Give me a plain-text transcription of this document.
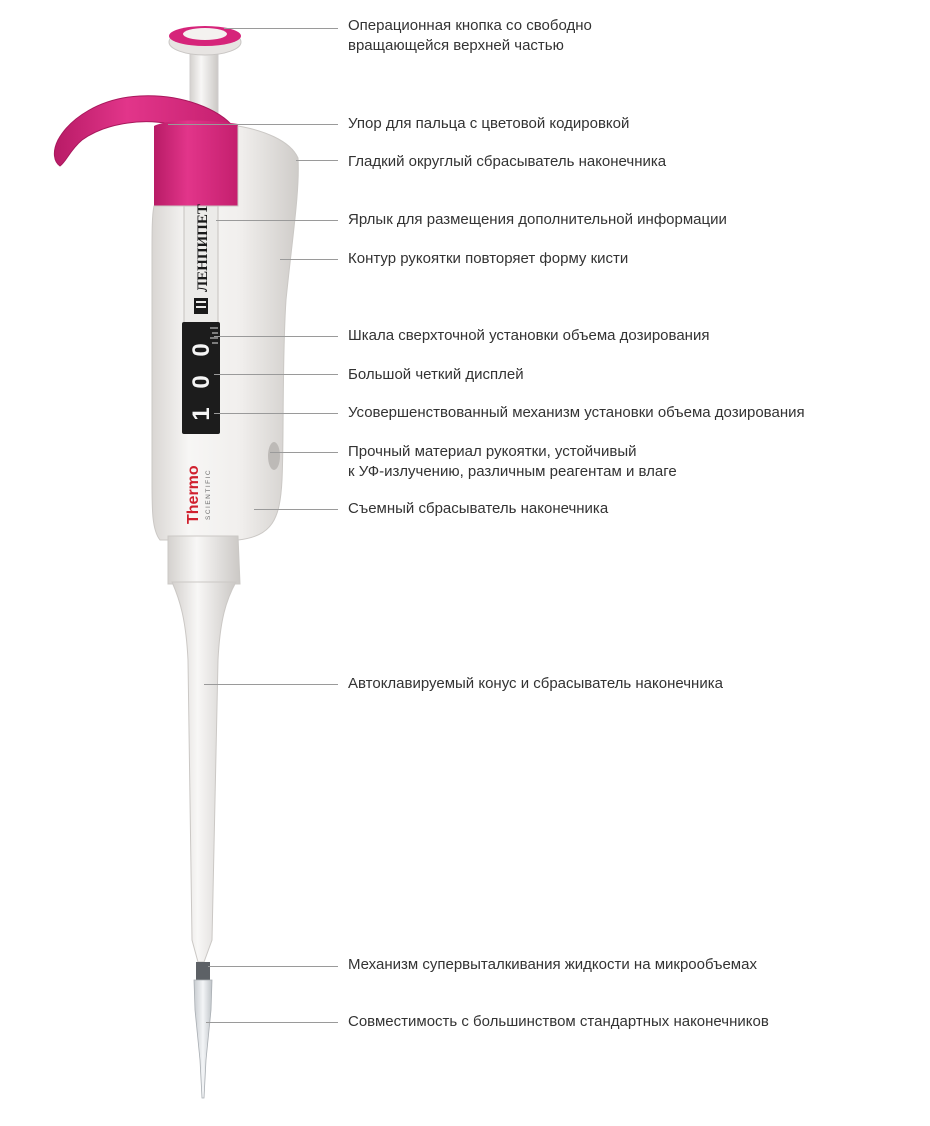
ЛЕНПИПЕТ
1
0
0
Thermo SCIENTIFIC
Операционная кнопка со свободно
вращающейся верхней частью
Упор для пальца с цветовой кодировкой
Гладкий округлый сбрасыватель наконечника
Ярлык для размещения дополнительной информации
Контур рукоятки повторяет форму кисти
Шкала сверхточной установки объема дозирования
Большой четкий дисплей
Усовершенствованный механизм установки объема дозирования
Прочный материал рукоятки, устойчивый
к УФ-излучению, различным реагентам и влаге
Съемный сбрасыватель наконечника
Автоклавируемый конус и сбрасыватель наконечника
Механизм супервыталкивания жидкости на микрообъемах
Совместимость с большинством стандартных наконечников
